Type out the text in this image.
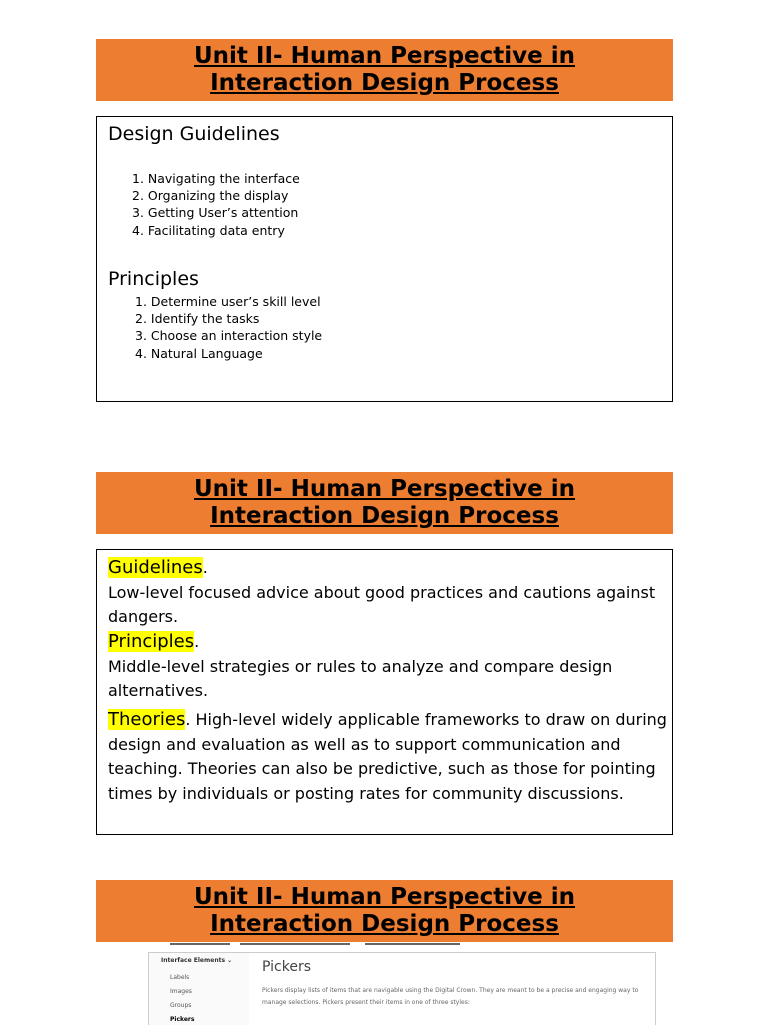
Unit II- Human Perspective in
Interaction Design Process
Design Guidelines
1. Navigating the interface
2. Organizing the display
3. Getting User’s attention
4. Facilitating data entry
Principles
1. Determine user’s skill level
2. Identify the tasks
3. Choose an interaction style
4. Natural Language
Unit II- Human Perspective in
Interaction Design Process
Guidelines.
Low-level focused advice about good practices and cautions against dangers.
Principles.
Middle-level strategies or rules to analyze and compare design alternatives.
Theories. High-level widely applicable frameworks to draw on during design and evaluation as well as to support communication and teaching. Theories can also be predictive, such as those for pointing times by individuals or posting rates for community discussions.
Unit II- Human Perspective in
Interaction Design Process
Interface Elements ⌄
Labels
Images
Groups
Pickers
Pickers
Pickers display lists of items that are navigable using the Digital Crown. They are meant to be a precise and engaging way to manage selections. Pickers present their items in one of three styles:
